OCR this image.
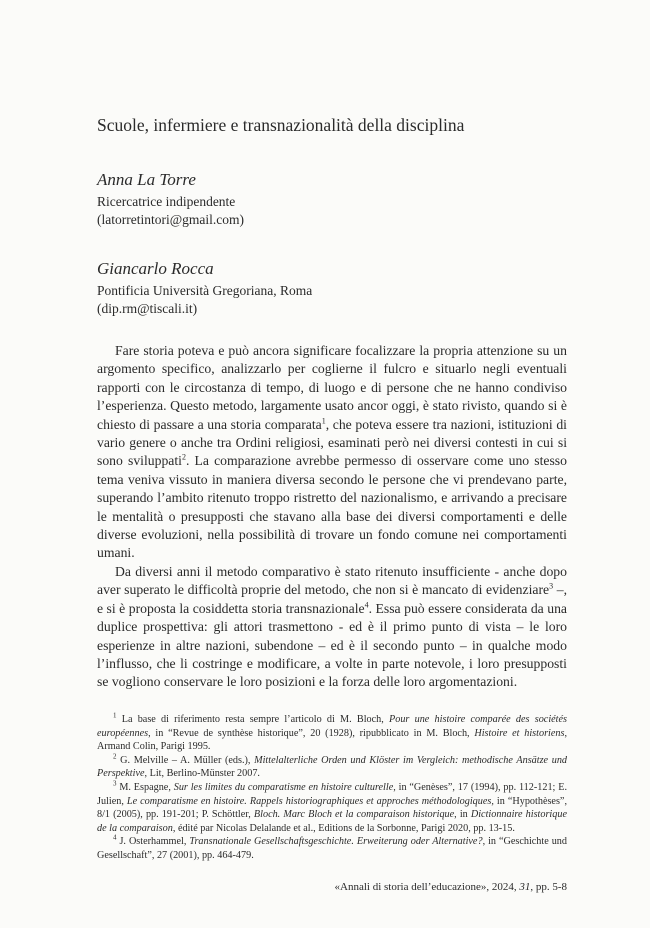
Scuole, infermiere e transnazionalità della disciplina
Anna La Torre
Ricercatrice indipendente
(latorretintori@gmail.com)
Giancarlo Rocca
Pontificia Università Gregoriana, Roma
(dip.rm@tiscali.it)

Fare storia poteva e può ancora significare focalizzare la propria attenzione su un argomento specifico, analizzarlo per coglierne il fulcro e situarlo negli eventuali rapporti con le circostanza di tempo, di luogo e di persone che ne hanno condiviso l’esperienza. Questo metodo, largamente usato ancor oggi, è stato rivisto, quando si è chiesto di passare a una storia comparata$^1$, che poteva essere tra nazioni, istituzioni di vario genere o anche tra Ordini religiosi, esaminati però nei diversi contesti in cui si sono sviluppati$^2$. La comparazione avrebbe permesso di osservare come uno stesso tema veniva vissuto in maniera diversa secondo le persone che vi prendevano parte, superando l’ambito ritenuto troppo ristretto del nazionalismo, e arrivando a precisare le mentalità o presupposti che stavano alla base dei diversi comportamenti e delle diverse evoluzioni, nella possibilità di trovare un fondo comune nei comportamenti umani.

Da diversi anni il metodo comparativo è stato ritenuto insufficiente - anche dopo aver superato le difficoltà proprie del metodo, che non si è mancato di evidenziare$^3$ –, e si è proposta la cosiddetta storia transnazionale$^4$. Essa può essere considerata da una duplice prospettiva: gli attori trasmettono - ed è il primo punto di vista – le loro esperienze in altre nazioni, subendone – ed è il secondo punto – in qualche modo l’influsso, che li costringe e modificare, a volte in parte notevole, i loro presupposti se vogliono conservare le loro posizioni e la forza delle loro argomentazioni.

$^1$ La base di riferimento resta sempre l’articolo di M. Bloch, Pour une histoire comparée des sociétés européennes, in “Revue de synthèse historique”, 20 (1928), ripubblicato in M. Bloch, Histoire et historiens, Armand Colin, Parigi 1995.

$^2$ G. Melville – A. Müller (eds.), Mittelalterliche Orden und Klöster im Vergleich: methodische Ansätze und Perspektive, Lit, Berlino-Münster 2007.

$^3$ M. Espagne, Sur les limites du comparatisme en histoire culturelle, in “Genèses”, 17 (1994), pp. 112-121; E. Julien, Le comparatisme en histoire. Rappels historiographiques et approches méthodologiques, in “Hypothèses”, 8/1 (2005), pp. 191-201; P. Schöttler, Bloch. Marc Bloch et la comparaison historique, in Dictionnaire historique de la comparaison, édité par Nicolas Delalande et al., Editions de la Sorbonne, Parigi 2020, pp. 13-15.

$^4$ J. Osterhammel, Transnationale Gesellschaftsgeschichte. Erweiterung oder Alternative?, in “Geschichte und Gesellschaft”, 27 (2001), pp. 464-479.

«Annali di storia dell’educazione», 2024, 31, pp. 5-8
